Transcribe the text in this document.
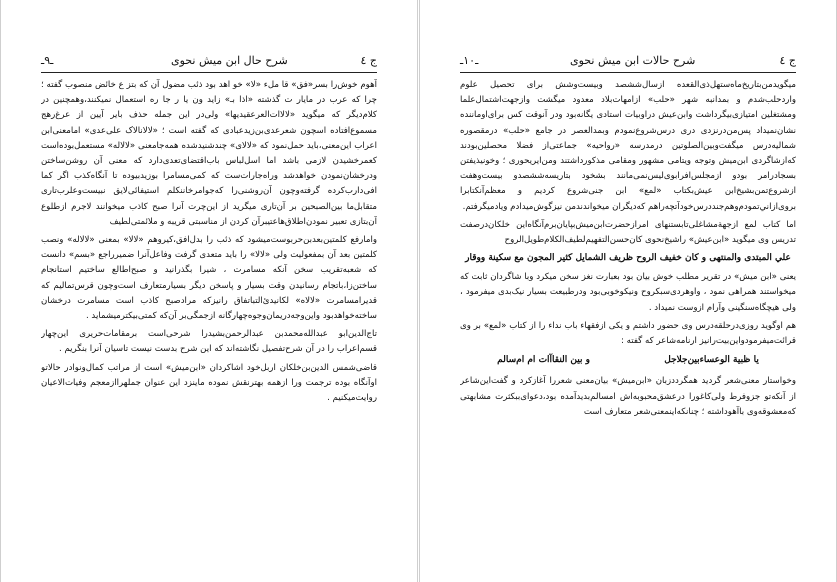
ـ٩ـ	شرح حال ابن میش نحوی	ج ٤

آهوم خوش‌را بسر‌«فق» قا ملء «لا» خو اهد بود ذئب مضول آن که بتز ع خائض منصوب گفته ؛ چرا که عرب در مایار ت گذشته «اذا بـ» زاید ون یا ر جا ره استعمال نمیکنند،وهمچنین در کلا‌م‌دیگر که میگوید «لالاات‌العرعقیدیها» ولی‌در این جمله حذف بایر آیین از عرغ‌رهج مسموع‌افتاده اسچون شعرعدی‌بن‌زیدعبادی که گفته است ؛ «لالانالاک علی‌عدی» اما‌معنی‌ابن اعراب این‌معنی،باید حمل‌نمود که «لالا‌ی» چندشنید‌شده همه‌جا‌معنی «لالاله» مستعمل‌بوده‌است کعمرخشیدن لازمی باشد اما اسل‌لباس باب‌اقتضای‌تعدی‌دارد که معنی آن روشن‌ساختن ودرخشان‌نمودن خواهدشد وراه‌جارات‌ست که کمی‌مسامرا بوزیدبیوده تا آنگاه‌کذب اگر کما افی‌دارب‌کرده گرفته‌وچون آن‌روشنی‌را که‌جو‌امرخا‌ننکلم استیفائی‌لایق نبیست‌وعلرب‌تاری متقابل‌ما بین‌الصبحین بر آن‌تاری میگرید از این‌چرت آنرا صبح کاذب میخوانند لاجرم ازطلوع آن‌بتازی تعبیر نمودن‌اطلاق‌ها‌عتیبر‌آن کردن از مناسبتی قریبه‌ و ملائمتی‌لطیف

وامارفع کلمتین‌بعد‌بن‌حر‌بوست‌میشود که ذئب را بدل‌افق‌،کیروهم «لالا» بمعنی «لالاله» ونصب کلمتین بعد آن بمفعولیت ولی «لالا» را باید متعدی گرفت وفاعل‌آنرا ضمیر‌راجع «بسم» دانست که شعبه‌تقریب سخن آنکه مسامرت ، شیرا بگذرانید و صبح‌اطالع ساختیم ‌استانجام ساختن‌زا،باتجام رسانیدن وقت بسیار و پاسخن دیگر بسیار‌متعارف است‌وچون قرس‌تمالیم که قدیرا‌مسامرت «لالا‌ه» لکانیدئ‌التباتفاق رانیزکه مراد‌صبح کاذب است مسامرت درخشان ساخته‌خواهد‌بود واین‌وجه‌دریمان‌وجوه‌چهار‌گانه ازجمگی‌بر آن‌که کمتی‌بیکتر‌میشماید .

تاج‌الدین‌ابو عبدالله‌محمدبن عبدالرحمن‌بشید‌را شرحی‌است برمقامات‌حریری این‌چهار قسم‌اعراب را در آن شرح‌تفصیل نگاشته‌اند که این شرح بدست نیست تاسیان آنرا بنگریم .

قاضی‌شمس الدین‌بن‌خلکان اربل‌خود اشاکردان «ابن‌میش» است از مراتب کمال‌ونوادر حالاتو اوآنگاه بوده ترجمت ورا ازهمه بهتر‌نقش نموده ماینز‌د این عنوان جملهرا‌ازمعجم وفیات‌الاعیان روایت‌میکنیم .

ـ١٠ـ	شرح حالات ابن میش نحوی	ج ٤

میگوید‌من‌بتاریخ‌ماه‌ستهل‌ذی‌القعده ازسال‌ششصد وبیست‌وشش برای تحصیل علوم وارد‌حلب‌شدم و بمدانبه شهر «حلب» ازامهات‌بلاد معدود میگشت وازجهت‌اشتمال‌علما ومشتغلین امتیازی‌بیگرداشت وابن‌عیش دراوبیات استادی یگانه‌بود ودر آنوقت کس برای‌اوماننده نشان‌نمیداد پس‌من‌درنزدی دری درس‌شروع‌نمودم و‌بمدالعصر در جامع «حلب» درمقصوره شمالیه‌درس میگفت‌وبین‌الصلوتین در‌مدرسه «رواحیه» جماعتی‌از فضلا محصلین‌بودند که‌ازشاگردی ابن‌میش وتوجه ویتامی مشهور ومقامی مذکورداشتند ومن‌ایریحوری ؛ وخو‌نیذیفتن بسجادرامر بودو ازمجلس‌افرابوی‌لیس‌نمی‌مانند بشخود بتاریسه‌ششصدو بیست‌وهفت ازشروع‌تمن‌بشیخ‌ابن عیش‌بکتاب «لمع» ابن جنی‌شروع کردیم و معظم‌آنکتابرا بروی‌ازاني‌تمودم‌وهم‌جنددرس‌خود‌آتچه‌راهم که‌دیگران میخواندند‌من نیز‌گوش‌میدادم ویاد‌میگرفتم.

اما کتاب لمع ازجهةمشاغلی‌تابستنهای ‌امرازحضرت‌ابن‌میش‌بپایان‌برم‌آنگاه‌این خلکان‌درصفت تدریس وی میگوید «ابن‌عیش» را‌شیخ‌نحوی کان‌حسن‌التفهیم‌لطیف‌الکلام‌طویل‌الروح

علي المبتدی والمنتهی و کان خفیف الروح ظریف الشمايل کثیر المجون مع سکینة ووقار

یعنی «ابن میش» در تقریر مطلب خوش بیان بود بعبارت نغز سخن میکرد وبا شاگردان ثابت که میخواستند همراهی نمود ، واوهردی‌سبکروح ونیکوخوبی‌بود ودرطبیعت بسیار نیک‌بدی‌ میفرمود ، ولی هیچگاه‌سنگینی وآرام ازوست نمیداد .

هم اوگوید روزی‌درحلقه‌درس وی حضور داشتم و یکی ازفقهاء باب نداء را از کتاب «لمع» بر وی قرائت‌میفرمود‌واین‌بیت‌رانیز ارنامه‌شاعر که گفته :

یا ظبیة الوعساءبین‌جلاجل
و بین النقاآات ام ام‌سالم

وخواستار معنی‌شعر گردید ‌همگرددزبان «ابن‌میش» بیان‌معنی شعررا آغازکرد و گفت‌این‌شاعر از آنکه‌تو جزوفرط ولی‌کاغورا درعشق‌محبوبه‌اش امسالم‌بدیدآمده بود،دعوای‌ببکثرت مشابهتی که‌معشوقه‌وی باآهوداشته ؛ چنانکه‌اینمعنی‌شعر متعارف است
